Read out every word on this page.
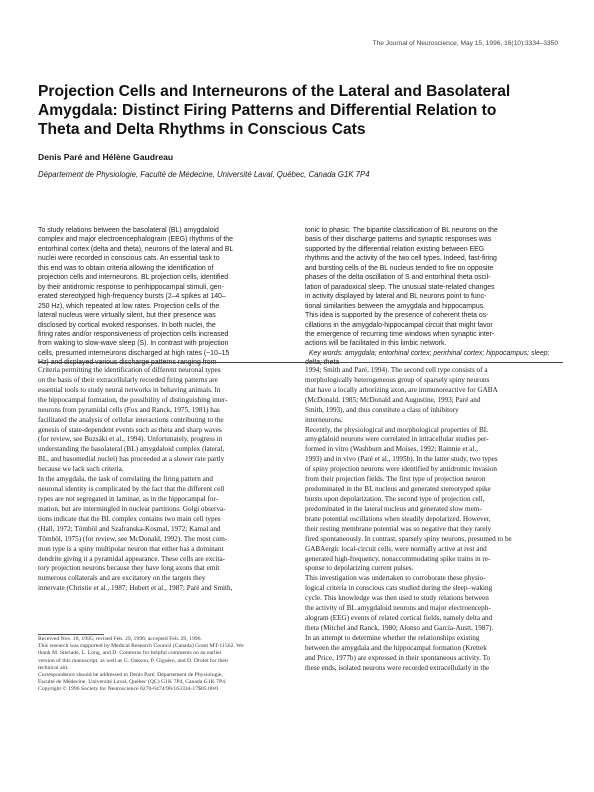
The Journal of Neuroscience, May 15, 1996, 16(10):3334–3350
Projection Cells and Interneurons of the Lateral and Basolateral
Amygdala: Distinct Firing Patterns and Differential Relation to
Theta and Delta Rhythms in Conscious Cats
Denis Paré and Hélène Gaudreau
Département de Physiologie, Faculté de Médecine, Université Laval, Québec, Canada G1K 7P4
To study relations between the basolateral (BL) amygdaloid
complex and major electroencephalogram (EEG) rhythms of the
entorhinal cortex (delta and theta), neurons of the lateral and BL
nuclei were recorded in conscious cats. An essential task to
this end was to obtain criteria allowing the identification of
projection cells and interneurons. BL projection cells, identified
by their antidromic response to perihippocampal stimuli, gen-
erated stereotyped high-frequency bursts (2–4 spikes at 140–
250 Hz), which repeated at low rates. Projection cells of the
lateral nucleus were virtually silent, but their presence was
disclosed by cortical evoked responses. In both nuclei, the
firing rates and/or responsiveness of projection cells increased
from waking to slow-wave sleep (S). In contrast with projection
cells, presumed interneurons discharged at high rates (~10–15
Hz) and displayed various discharge patterns ranging from
tonic to phasic. The bipartite classification of BL neurons on the
basis of their discharge patterns and synaptic responses was
supported by the differential relation existing between EEG
rhythms and the activity of the two cell types. Indeed, fast-firing
and bursting cells of the BL nucleus tended to fire on opposite
phases of the delta oscillation of S and entorhinal theta oscil-
lation of paradoxical sleep. The unusual state-related changes
in activity displayed by lateral and BL neurons point to func-
tional similarities between the amygdala and hippocampus.
This idea is supported by the presence of coherent theta os-
cillations in the amygdalo-hippocampal circuit that might favor
the emergence of recurring time windows when synaptic inter-
actions will be facilitated in this limbic network.
Key words: amygdala; entorhinal cortex; perirhinal cortex; hippocampus; sleep; delta; theta
Criteria permitting the identification of different neuronal types
on the basis of their extracellularly recorded firing patterns are
essential tools to study neural networks in behaving animals. In
the hippocampal formation, the possibility of distinguishing inter-
neurons from pyramidal cells (Fox and Ranck, 1975, 1981) has
facilitated the analysis of cellular interactions contributing to the
genesis of state-dependent events such as theta and sharp waves
(for review, see Buzsáki et al., 1994). Unfortunately, progress in
understanding the basolateral (BL) amygdaloid complex (lateral,
BL, and basomedial nuclei) has proceeded at a slower rate partly
because we lack such criteria.
In the amygdala, the task of correlating the firing pattern and
neuronal identity is complicated by the fact that the different cell
types are not segregated in laminae, as in the hippocampal for-
mation, but are intermingled in nuclear partitions. Golgi observa-
tions indicate that the BL complex contains two main cell types
(Hall, 1972; Tömböl and Szafranska-Kosmal, 1972; Kamal and
Tömböl, 1975) (for review, see McDonald, 1992). The most com-
mon type is a spiny multipolar neuron that either has a dominant
dendrite giving it a pyramidal appearance. These cells are excita-
tory projection neurons because they have long axons that emit
numerous collaterals and are excitatory on the targets they
innervate (Christie et al., 1987; Hubert et al., 1987; Paré and Smith,
1994; Smith and Paré, 1994). The second cell type consists of a
morphologically heterogeneous group of sparsely spiny neurons
that have a locally arborizing axon, are immunoreactive for GABA
(McDonald, 1985; McDonald and Augustine, 1993; Paré and
Smith, 1993), and thus constitute a class of inhibitory
interneurons.
Recently, the physiological and morphological properties of BL
amygdaloid neurons were correlated in intracellular studies per-
formed in vitro (Washburn and Moises, 1992; Rainnie et al.,
1993) and in vivo (Paré et al., 1995b). In the latter study, two types
of spiny projection neurons were identified by antidromic invasion
from their projection fields. The first type of projection neuron
predominated in the BL nucleus and generated stereotyped spike
bursts upon depolarization. The second type of projection cell,
predominated in the lateral nucleus and generated slow mem-
brane potential oscillations when steadily depolarized. However,
their resting membrane potential was so negative that they rarely
fired spontaneously. In contrast, sparsely spiny neurons, presumed to be
GABAergic local-circuit cells, were normally active at rest and
generated high-frequency, nonaccommodating spike trains in re-
sponse to depolarizing current pulses.
This investigation was undertaken to corroborate these physio-
logical criteria in conscious cats studied during the sleep–waking
cycle. This knowledge was then used to study relations between
the activity of BL amygdaloid neurons and major electroenceph-
alogram (EEG) events of related cortical fields, namely delta and
theta (Mitchel and Ranck, 1980; Alonso and García-Austt, 1987).
In an attempt to determine whether the relationships existing
between the amygdala and the hippocampal formation (Krettek
and Price, 1977b) are expressed in their spontaneous activity. To
these ends, isolated neurons were recorded extracellularly in the
Received Nov. 18, 1995; revised Feb. 29, 1996; accepted Feb. 29, 1996.
This research was supported by Medical Research Council (Canada) Grant MT-11562. We
thank M. Steriade, L. Long, and D. Contreras for helpful comments on an earlier
version of this manuscript, as well as G. Oakson, P. Giguère, and D. Drolet for their
technical aid.
Correspondence should be addressed to Denis Paré, Département de Physiologie,
Faculté de Médecine, Université Laval, Québec (QC) G1K 7P4, Canada G1K 7P4.
Copyright © 1996 Society for Neuroscience 0270-6474/96/163334-17$05.00/0
